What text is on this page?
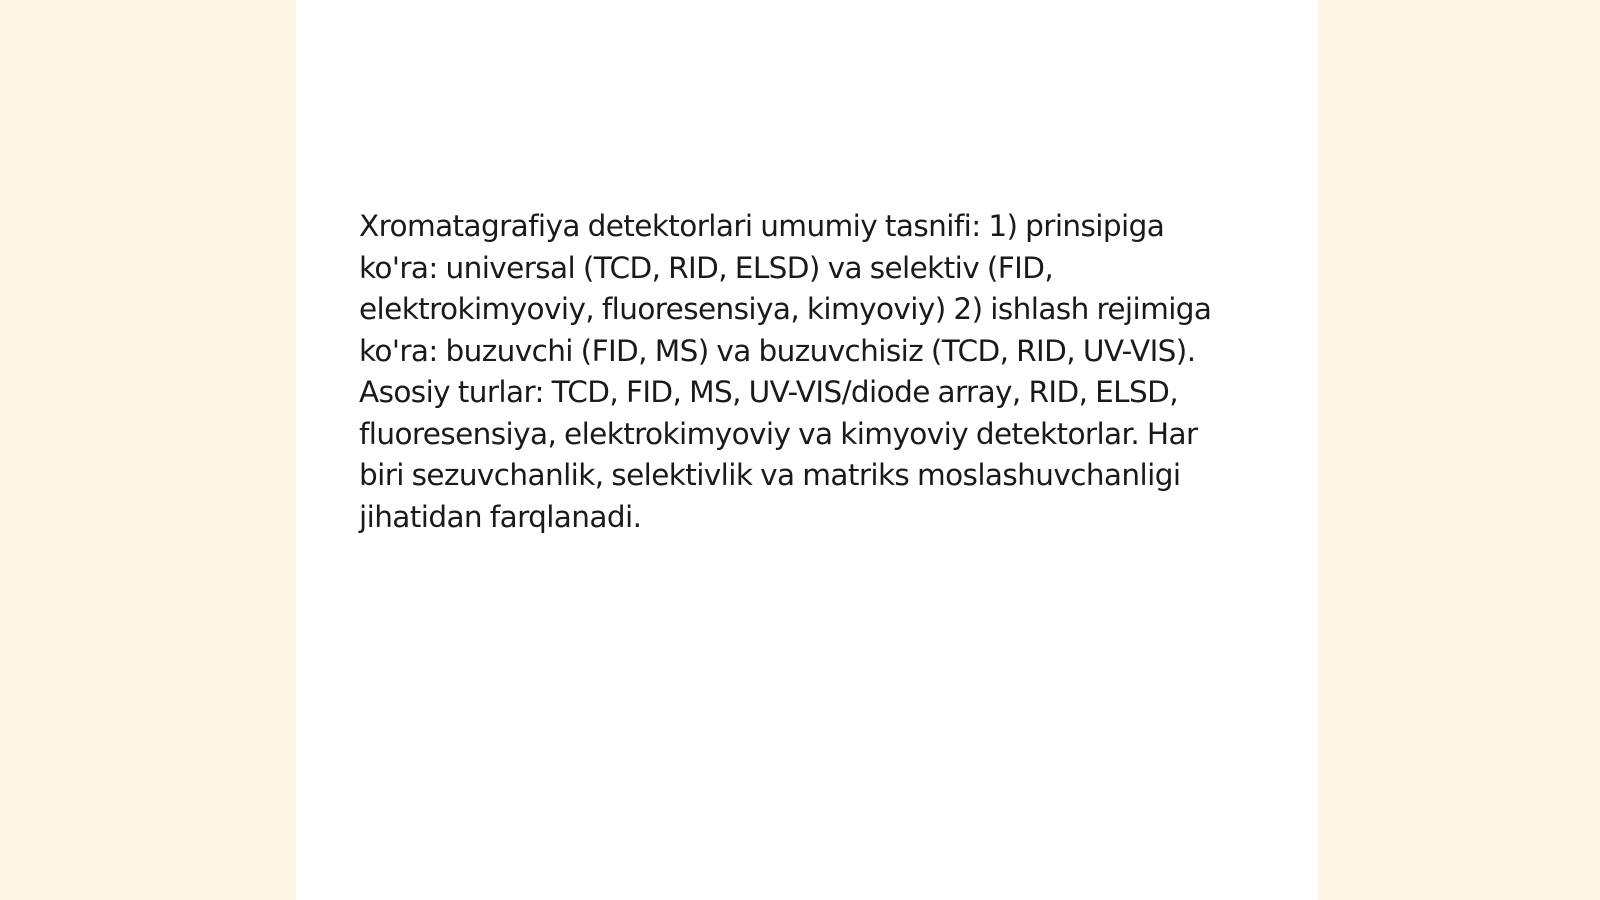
Xromatagrafiya detektorlari umumiy tasnifi: 1) prinsipiga ko'ra: universal (TCD, RID, ELSD) va selektiv (FID, elektrokimyoviy, fluoresensiya, kimyoviy) 2) ishlash rejimiga ko'ra: buzuvchi (FID, MS) va buzuvchisiz (TCD, RID, UV-VIS). Asosiy turlar: TCD, FID, MS, UV-VIS/diode array, RID, ELSD, fluoresensiya, elektrokimyoviy va kimyoviy detektorlar. Har biri sezuvchanlik, selektivlik va matriks moslashuvchanligi jihatidan farqlanadi.
